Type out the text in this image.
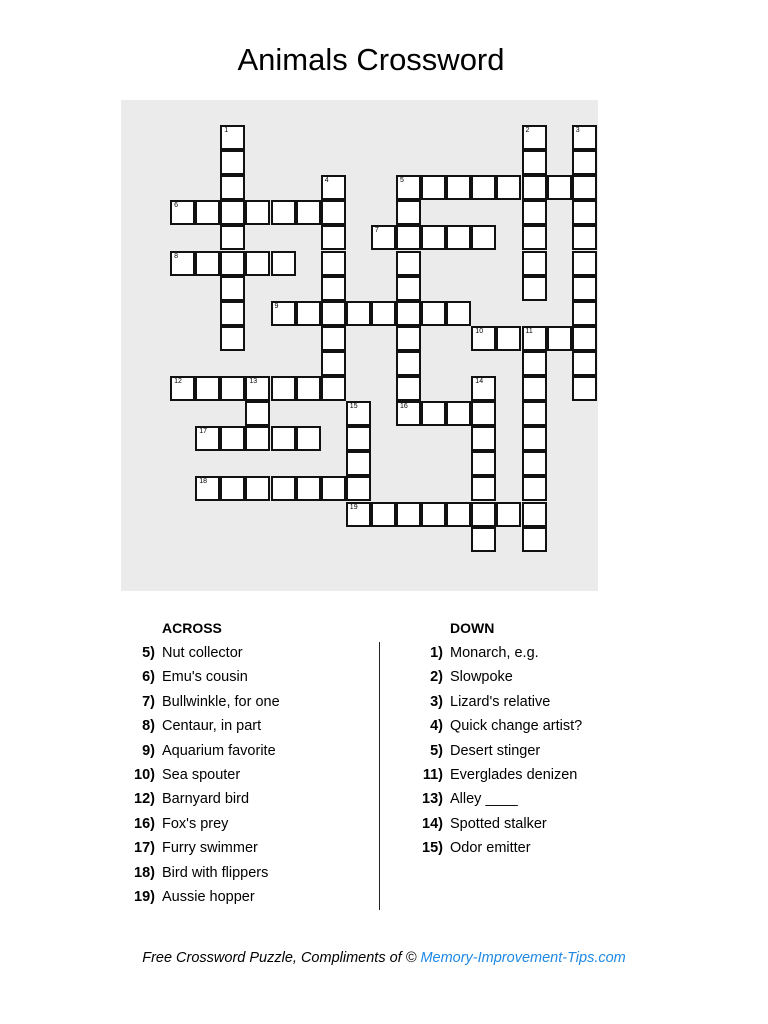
Animals Crossword
1	2	3
4	5
6
7
8
9
10	11
12	13	14
15
19
16
17
18
ACROSS
5) Nut collector
6) Emu's cousin
7) Bullwinkle, for one
8) Centaur, in part
9) Aquarium favorite
10) Sea spouter
12) Barnyard bird
16) Fox's prey
17) Furry swimmer
18) Bird with flippers
19) Aussie hopper
DOWN
1) Monarch, e.g.
2) Slowpoke
3) Lizard's relative
4) Quick change artist?
5) Desert stinger
11) Everglades denizen
13) Alley ____
14) Spotted stalker
15) Odor emitter
Free Crossword Puzzle, Compliments of © Memory-Improvement-Tips.com
